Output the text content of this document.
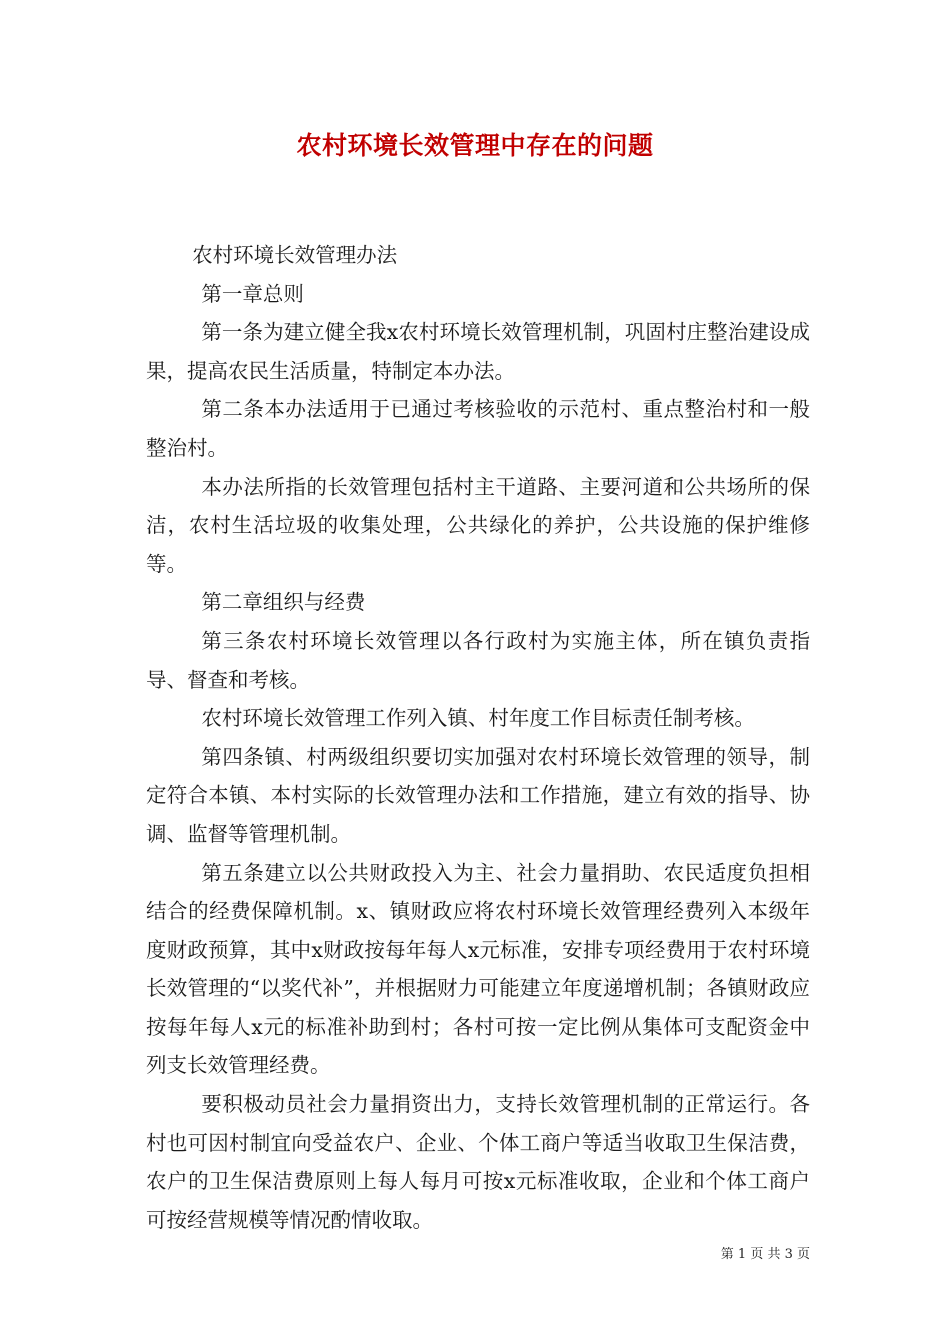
农村环境长效管理中存在的问题

农村环境长效管理办法

第一章总则

第一条为建立健全我x农村环境长效管理机制，巩固村庄整治建设成果，提高农民生活质量，特制定本办法。

第二条本办法适用于已通过考核验收的示范村、重点整治村和一般整治村。

本办法所指的长效管理包括村主干道路、主要河道和公共场所的保洁，农村生活垃圾的收集处理，公共绿化的养护，公共设施的保护维修等。

第二章组织与经费

第三条农村环境长效管理以各行政村为实施主体，所在镇负责指导、督查和考核。

农村环境长效管理工作列入镇、村年度工作目标责任制考核。

第四条镇、村两级组织要切实加强对农村环境长效管理的领导，制定符合本镇、本村实际的长效管理办法和工作措施，建立有效的指导、协调、监督等管理机制。

第五条建立以公共财政投入为主、社会力量捐助、农民适度负担相结合的经费保障机制。x、镇财政应将农村环境长效管理经费列入本级年度财政预算，其中x财政按每年每人x元标准，安排专项经费用于农村环境长效管理的“以奖代补”，并根据财力可能建立年度递增机制；各镇财政应按每年每人x元的标准补助到村；各村可按一定比例从集体可支配资金中列支长效管理经费。

要积极动员社会力量捐资出力，支持长效管理机制的正常运行。各村也可因村制宜向受益农户、企业、个体工商户等适当收取卫生保洁费，农户的卫生保洁费原则上每人每月可按x元标准收取，企业和个体工商户可按经营规模等情况酌情收取。

第 1 页 共 3 页
